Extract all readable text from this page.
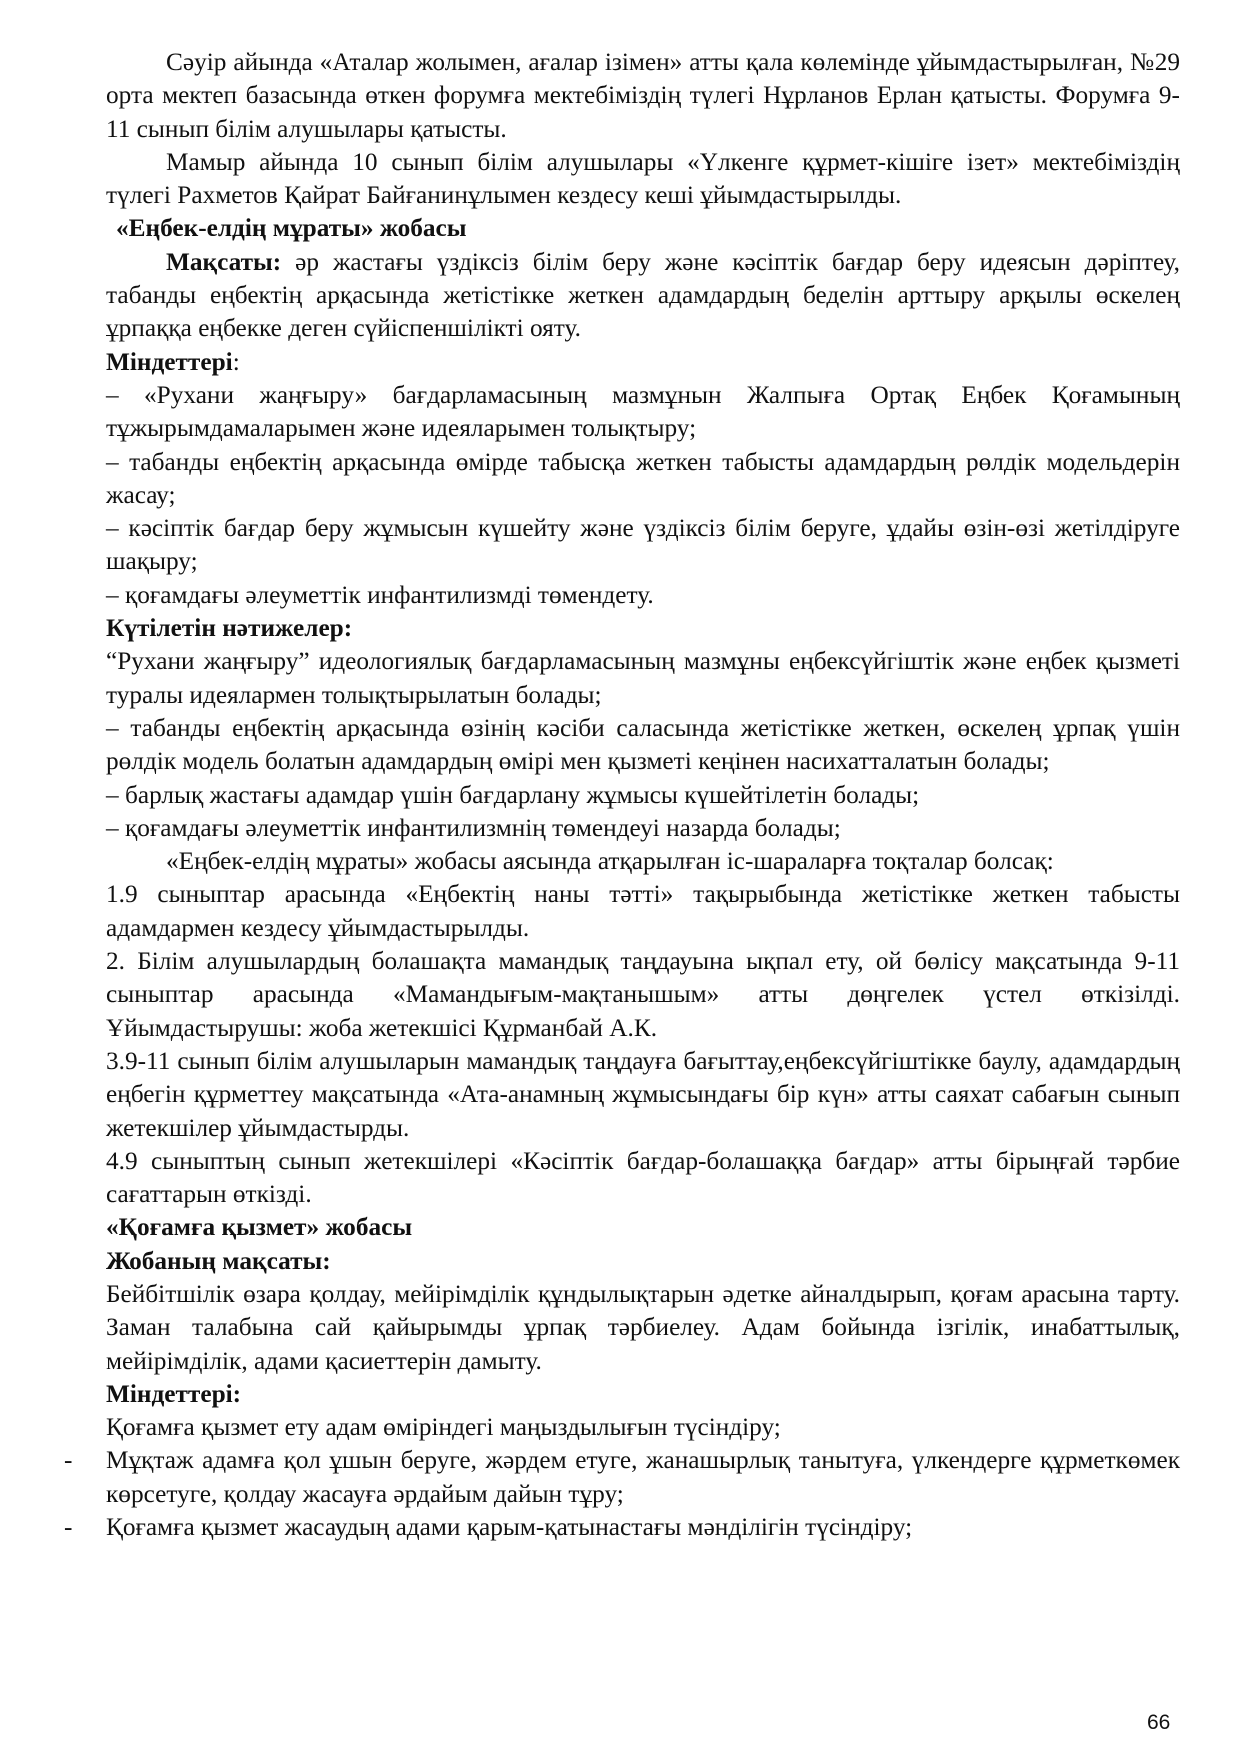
Сәуір айында «Аталар жолымен, ағалар ізімен» атты қала көлемінде ұйымдастырылған, №29 орта мектеп базасында өткен форумға мектебіміздің түлегі Нұрланов Ерлан қатысты. Форумға 9-11 сынып білім алушылары қатысты.

Мамыр айында 10 сынып білім алушылары «Үлкенге құрмет-кішіге ізет» мектебіміздің түлегі Рахметов Қайрат Байғанинұлымен кездесу кеші ұйымдастырылды.

«Еңбек-елдің мұраты» жобасы

Мақсаты: әр жастағы үздіксіз білім беру және кәсіптік бағдар беру идеясын дәріптеу, табанды еңбектің арқасында жетістікке жеткен адамдардың беделін арттыру арқылы өскелең ұрпаққа еңбекке деген сүйіспеншілікті ояту.

Міндеттері:

– «Рухани жаңғыру» бағдарламасының мазмұнын Жалпыға Ортақ Еңбек Қоғамының тұжырымдамаларымен және идеяларымен толықтыру;

– табанды еңбектің арқасында өмірде табысқа жеткен табысты адамдардың рөлдік модельдерін жасау;

– кәсіптік бағдар беру жұмысын күшейту және үздіксіз білім беруге, ұдайы өзін-өзі жетілдіруге шақыру;

– қоғамдағы әлеуметтік инфантилизмді төмендету.

Күтілетін нәтижелер:

“Рухани жаңғыру” идеологиялық бағдарламасының мазмұны еңбексүйгіштік және еңбек қызметі туралы идеялармен толықтырылатын болады;

– табанды еңбектің арқасында өзінің кәсіби саласында жетістікке жеткен, өскелең ұрпақ үшін рөлдік модель болатын адамдардың өмірі мен қызметі кеңінен насихатталатын болады;

– барлық жастағы адамдар үшін бағдарлану жұмысы күшейтілетін болады;

– қоғамдағы әлеуметтік инфантилизмнің төмендеуі назарда болады;

«Еңбек-елдің мұраты» жобасы аясында атқарылған іс-шараларға тоқталар болсақ:

1.9 сыныптар арасында «Еңбектің наны тәтті» тақырыбында жетістікке жеткен табысты адамдармен кездесу ұйымдастырылды.

2. Білім алушылардың болашақта мамандық таңдауына ықпал ету, ой бөлісу мақсатында 9-11 сыныптар арасында «Мамандығым-мақтанышым» атты дөңгелек үстел өткізілді. Ұйымдастырушы: жоба жетекшісі Құрманбай А.К.

3.9-11 сынып білім алушыларын мамандық таңдауға бағыттау,еңбексүйгіштікке баулу, адамдардың еңбегін құрметтеу мақсатында «Ата-анамның жұмысындағы бір күн» атты саяхат сабағын сынып жетекшілер ұйымдастырды.

4.9 сыныптың сынып жетекшілері «Кәсіптік бағдар-болашаққа бағдар» атты бірыңғай тәрбие сағаттарын өткізді.

«Қоғамға қызмет» жобасы

Жобаның мақсаты:

Бейбітшілік өзара қолдау, мейірімділік құндылықтарын әдетке айналдырып, қоғам арасына тарту. Заман талабына сай қайырымды ұрпақ тәрбиелеу. Адам бойында ізгілік, инабаттылық, мейірімділік, адами қасиеттерін дамыту.

Міндеттері:

Қоғамға қызмет ету адам өміріндегі маңыздылығын түсіндіру;

- Мұқтаж адамға қол ұшын беруге, жәрдем етуге, жанашырлық танытуға, үлкендерге құрметкөмек көрсетуге, қолдау жасауға әрдайым дайын тұру;

- Қоғамға қызмет жасаудың адами қарым-қатынастағы мәнділігін түсіндіру;

66
